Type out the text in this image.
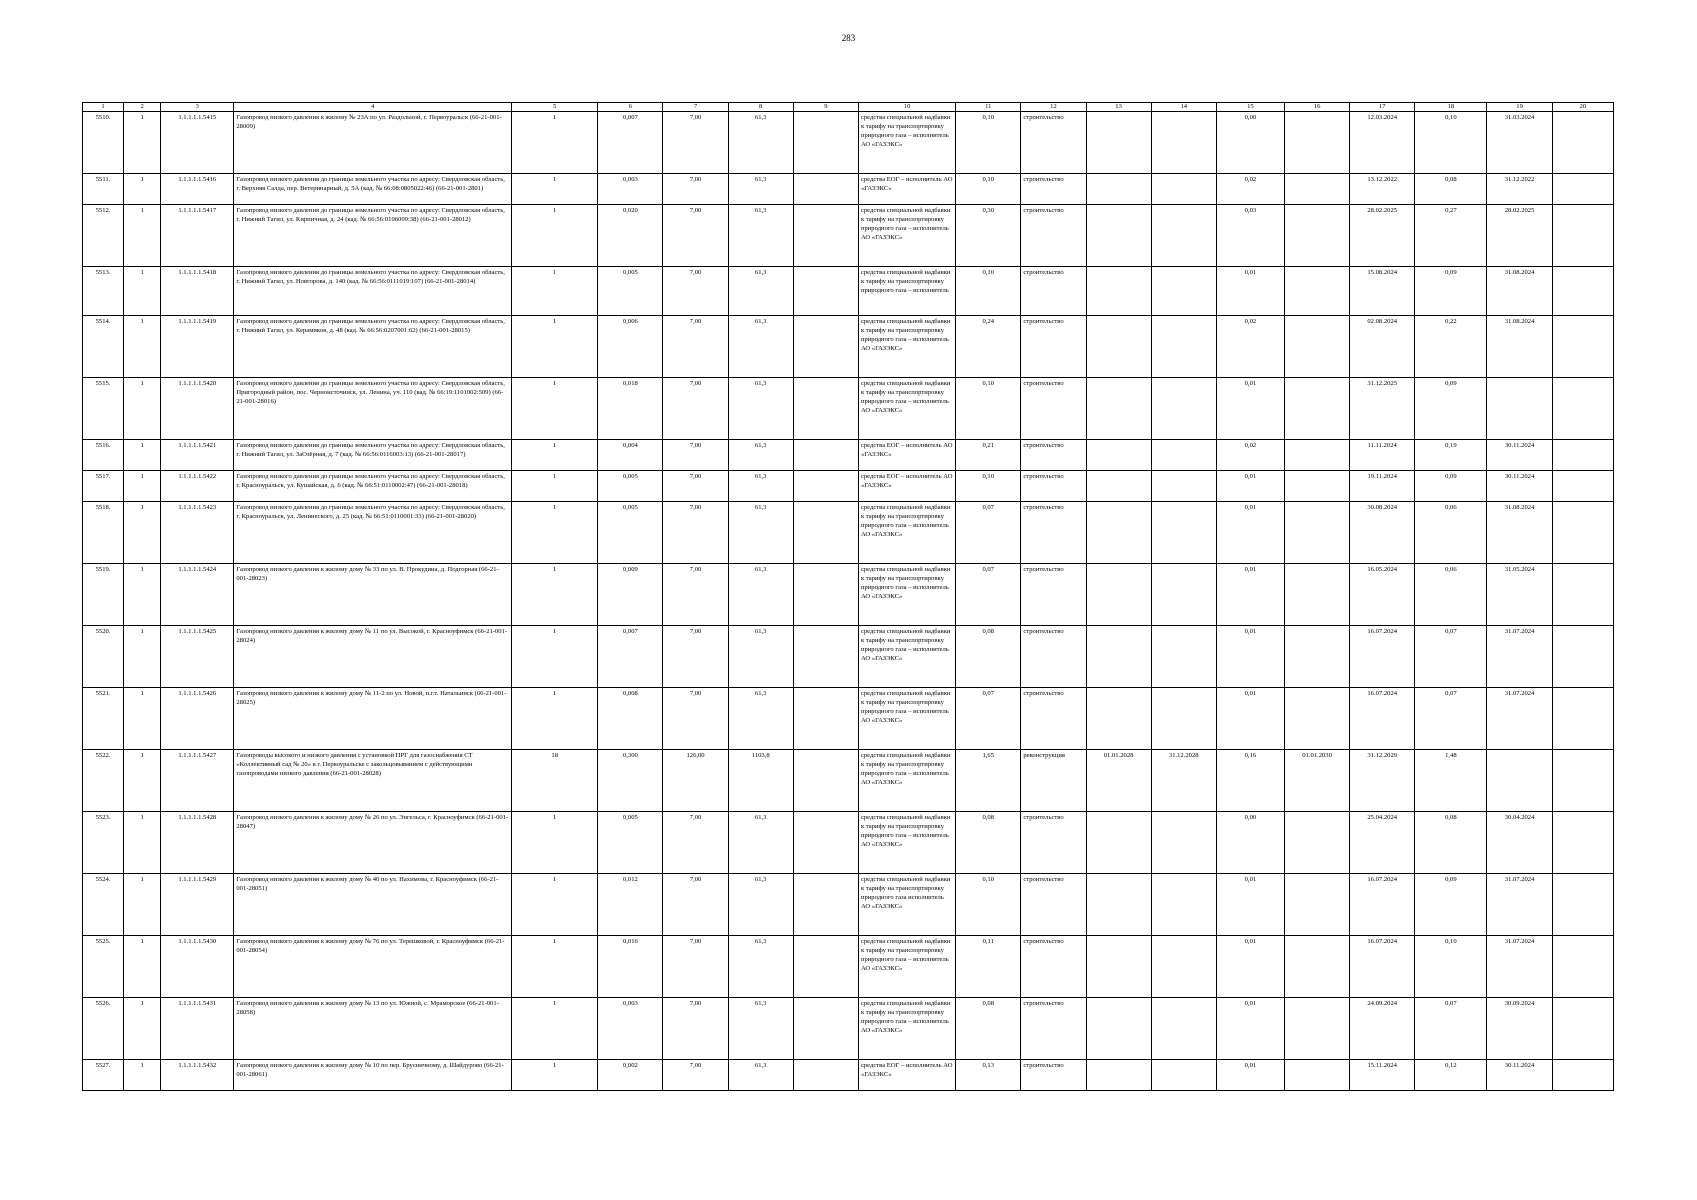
283
1	2	3	4	5	6	7	8	9	10	11	12	13	14	15	16	17	18	19	20
5510.	1	1.1.1.1.1.5415	Газопровод низкого давления к жилому № 23А по ул. Раздольной, г. Первоуральск (66-21-001-28009)	1	0,007	7,00	61,3		средства специальной надбавки к тарифу на транспортировку природного газа – исполнитель АО «ГАЗЭКС»	0,10	строительство			0,00		12.03.2024	0,10	31.03.2024	
5511.	1	1.1.1.1.1.5416	Газопровод низкого давления до границы земельного участка по адресу: Свердловская область, г. Верхняя Салда, пер. Ветеринарный, д. 5А (кад. № 66:08:0805022:46) (66-21-001-2801)	1	0,003	7,00	61,3		средства ЕОГ – исполнитель АО «ГАЗЭКС»	0,10	строительство			0,02		13.12.2022	0,08	31.12.2022	
5512.	1	1.1.1.1.1.5417	Газопровод низкого давления до границы земельного участка по адресу: Свердловская область, г. Нижний Тагил, ул. Кирпичная, д. 24 (кад. № 66:56:0106009:38) (66-21-001-28012)	1	0,020	7,00	61,3		средства специальной надбавки к тарифу на транспортировку природного газа – исполнитель АО «ГАЗЭКС»	0,30	строительство			0,03		28.02.2025	0,27	28.02.2025	
5513.	1	1.1.1.1.1.5418	Газопровод низкого давления до границы земельного участка по адресу: Свердловская область, г. Нижний Тагил, ул. Новгорова, д. 140 (кад. № 66:56:0111019:107) (66-21-001-28014)	1	0,005	7,00	61,3		средства специальной надбавки к тарифу на транспортировку природного газа – исполнитель	0,10	строительство			0,01		15.08.2024	0,09	31.08.2024	
5514.	1	1.1.1.1.1.5419	Газопровод низкого давления до границы земельного участка по адресу: Свердловская область, г. Нижний Тагил, ул. Керамиков, д. 48 (кад. № 66:56:0207001:62) (66-21-001-28015)	1	0,006	7,00	61,3		средства специальной надбавки к тарифу на транспортировку природного газа – исполнитель АО «ГАЗЭКС»	0,24	строительство			0,02		02.08.2024	0,22	31.08.2024	
5515.	1	1.1.1.1.1.5420	Газопровод низкого давления до границы земельного участка по адресу: Свердловская область, Пригородный район, пос. Черноисточинск, ул. Ленина, уч. 110 (кад. № 66:19:1101002:509) (66-21-001-28016)	1	0,018	7,00	61,3		средства специальной надбавки к тарифу на транспортировку природного газа – исполнитель АО «ГАЗЭКС»	0,10	строительство			0,01		31.12.2025	0,09		
5516.	1	1.1.1.1.1.5421	Газопровод низкого давления до границы земельного участка по адресу: Свердловская область, г. Нижний Тагил, ул. ЗаОзёрная, д. 7 (кад. № 66:56:0116003:13) (66-21-001-28017)	1	0,004	7,00	61,3		средства ЕОГ – исполнитель АО «ГАЗЭКС»	0,21	строительство			0,02		11.11.2024	0,19	30.11.2024	
5517.	1	1.1.1.1.1.5422	Газопровод низкого давления до границы земельного участка по адресу: Свердловская область, г. Красноуральск, ул. Кушайская, д. 6 (кад. № 66:51:0110002:47) (66-21-001-28018)	1	0,005	7,00	61,3		средства ЕОГ – исполнитель АО «ГАЗЭКС»	0,10	строительство			0,01		19.11.2024	0,09	30.11.2024	
5518.	1	1.1.1.1.1.5423	Газопровод низкого давления до границы земельного участка по адресу: Свердловская область, г. Красноуральск, ул. Ленинеского, д. 25 (кад. № 66:51:0110001:33) (66-21-001-28020)	1	0,005	7,00	61,3		средства специальной надбавки к тарифу на транспортировку природного газа – исполнитель АО «ГАЗЭКС»	0,07	строительство			0,01		30.08.2024	0,06	31.08.2024	
5519.	1	1.1.1.1.1.5424	Газопровод низкого давления к жилому дому № 33 по ул. В. Прокудина, д. Подгорная (66-21-001-28023)	1	0,009	7,00	61,3		средства специальной надбавки к тарифу на транспортировку природного газа – исполнитель АО «ГАЗЭКС»	0,07	строительство			0,01		16.05.2024	0,06	31.05.2024	
5520.	1	1.1.1.1.1.5425	Газопровод низкого давления к жилому дому № 11 по ул. Высокой, г. Красноуфимск (66-21-001-28024)	1	0,007	7,00	61,3		средства специальной надбавки к тарифу на транспортировку природного газа – исполнитель АО «ГАЗЭКС»	0,08	строительство			0,01		16.07.2024	0,07	31.07.2024	
5521.	1	1.1.1.1.1.5426	Газопровод низкого давления к жилому дому № 11-2 по ул. Новой, п.г.т. Натальинск (66-21-001-28025)	1	0,008	7,00	61,3		средства специальной надбавки к тарифу на транспортировку природного газа – исполнитель АО «ГАЗЭКС»	0,07	строительство			0,01		16.07.2024	0,07	31.07.2024	
5522.	1	1.1.1.1.1.5427	Газопроводы высокого и низкого давления с установкой ПРГ для газоснабжения СТ «Коллективный сад № 20» в г. Первоуральске с закольцовыванием с действующими газопроводами низкого давления (66-21-001-28028)	18	0,300	126,00	1103,8		средства специальной надбавки к тарифу на транспортировку природного газа – исполнитель АО «ГАЗЭКС»	1,65	реконструкция	01.01.2028	31.12.2028	0,16	01.01.2030	31.12.2029	1,48		
5523.	1	1.1.1.1.1.5428	Газопровод низкого давления к жилому дому № 26 по ул. Энгельса, г. Красноуфимск (66-21-001-28047)	1	0,005	7,00	61,3		средства специальной надбавки к тарифу на транспортировку природного газа – исполнитель АО «ГАЗЭКС»	0,08	строительство			0,00		25.04.2024	0,08	30.04.2024	
5524.	1	1.1.1.1.1.5429	Газопровод низкого давления к жилому дому № 40 по ул. Нахимова, г. Красноуфимск (66-21-001-28051)	1	0,012	7,00	61,3		средства специальной надбавки к тарифу на транспортировку природного газа исполнитель АО «ГАЗЭКС»	0,10	строительство			0,01		16.07.2024	0,09	31.07.2024	
5525.	1	1.1.1.1.1.5430	Газопровод низкого давления к жилому дому № 76 по ул. Терешковой, г. Красноуфимск (66-21-001-28054)	1	0,016	7,00	61,3		средства специальной надбавки к тарифу на транспортировку природного газа – исполнитель АО «ГАЗЭКС»	0,11	строительство			0,01		16.07.2024	0,10	31.07.2024	
5526.	1	1.1.1.1.1.5431	Газопровод низкого давления к жилому дому № 13 по ул. Южной, с. Мраморское (66-21-001-28058)	1	0,003	7,00	61,3		средства специальной надбавки к тарифу на транспортировку природного газа – исполнитель АО «ГАЗЭКС»	0,08	строительство			0,01		24.09.2024	0,07	30.09.2024	
5527.	1	1.1.1.1.1.5432	Газопровод низкого давления к жилому дому № 10 по пер. Брусничному, д. Шайдурово (66-21-001-28061)	1	0,002	7,00	61,3		средства ЕОГ – исполнитель АО «ГАЗЭКС»	0,13	строительство			0,01		15.11.2024	0,12	30.11.2024	
